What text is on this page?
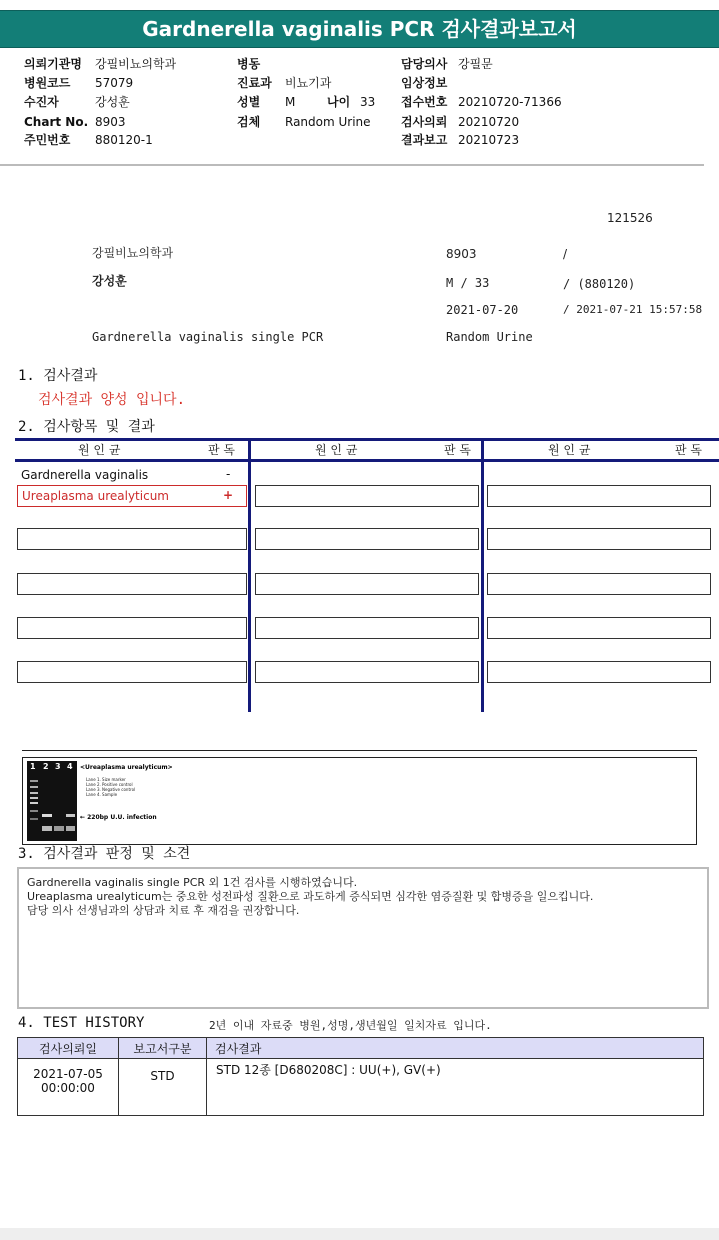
Gardnerella vaginalis PCR 검사결과보고서
의뢰기관명 강필비뇨의학과
병원코드 57079
수진자	강성훈
Chart No. 8903
주민번호 880120-1
병동
진료과 비뇨기과
성별 M	나이 33
검체 Random Urine
담당의사 강필문
임상정보
접수번호 20210720-71366
검사의뢰 20210720
결과보고 20210723
121526
강필비뇨의학과	8903	/
강성훈	M / 33	/ (880120)
2021-07-20	/ 2021-07-21 15:57:58
Gardnerella vaginalis single PCR	Random Urine
1. 검사결과
검사결과 양성 입니다.
2. 검사항목 및 결과
원 인 균	판 독	원 인 균	판 독	원 인 균	판 독
Gardnerella vaginalis	-
Ureaplasma urealyticum	+
1 2 3 4 <Ureaplasma urealyticum>
Lane 1. Size marker
Lane 2. Positive control
Lane 3. Negative control
Lane 4. Sample
← 220bp U.U. infection
3. 검사결과 판정 및 소견
Gardnerella vaginalis single PCR 외 1건 검사를 시행하였습니다.
Ureaplasma urealyticum는 중요한 성전파성 질환으로 과도하게 증식되면 심각한 염증질환 및 합병증을 일으킵니다.
담당 의사 선생님과의 상담과 치료 후 재검을 권장합니다.
4. TEST HISTORY	2년 이내 자료중 병원,성명,생년월일 일치자료 입니다.
검사의뢰일	보고서구분	검사결과

2021-07-05
00:00:00	STD	STD 12종 [D680208C] : UU(+), GV(+)
